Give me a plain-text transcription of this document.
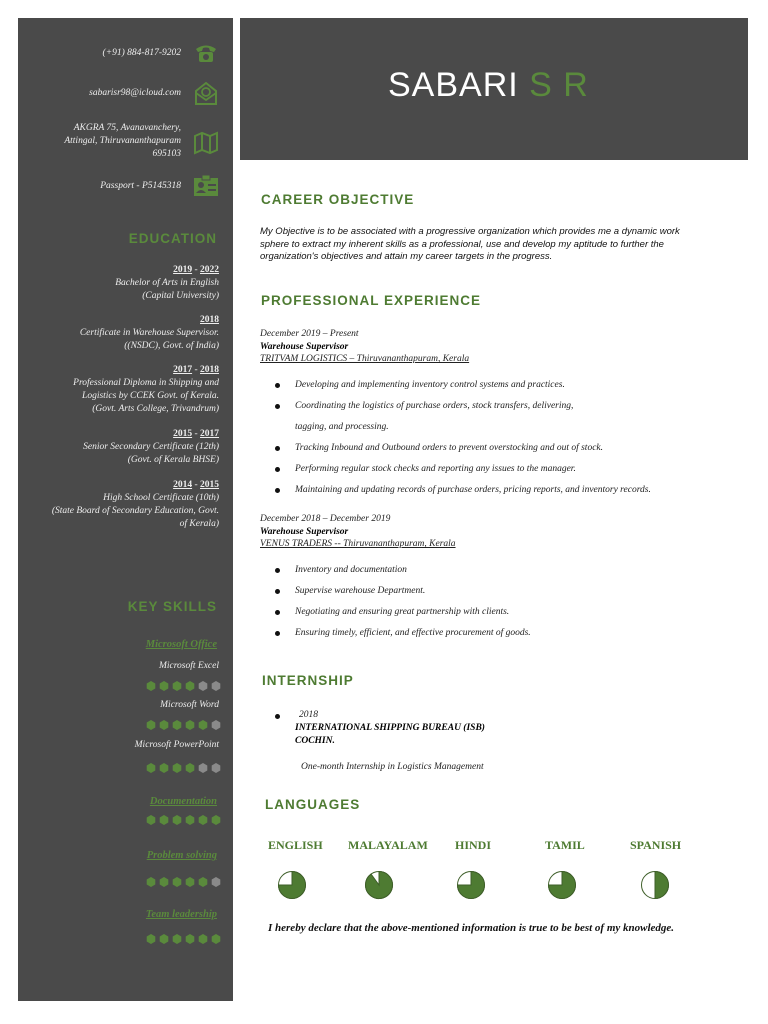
(+91) 884-817-9202
sabarisr98@icloud.com
AKGRA 75, Avanavanchery,
Attingal, Thiruvananthapuram
695103
Passport - P5145318
EDUCATION
2019 - 2022
Bachelor of Arts in English
(Capital University)
2018
Certificate in Warehouse Supervisor.
((NSDC), Govt. of India)
2017 - 2018
Professional Diploma in Shipping and
Logistics by CCEK Govt. of Kerala.
(Govt. Arts College, Trivandrum)
2015 - 2017
Senior Secondary Certificate (12th)
(Govt. of Kerala BHSE)
2014 - 2015
High School Certificate (10th)
(State Board of Secondary Education, Govt.
of Kerala)
KEY SKILLS
Microsoft Office
Microsoft Excel
Microsoft Word
Microsoft PowerPoint
Documentation
Problem solving
Team leadership
SABARI S R
CAREER OBJECTIVE
My Objective is to be associated with a progressive organization which provides me a dynamic work sphere to extract my inherent skills as a professional, use and develop my aptitude to further the organization's objectives and attain my career targets in the progress.
PROFESSIONAL EXPERIENCE
December 2019 – Present
Warehouse Supervisor
TRITVAM LOGISTICS – Thiruvananthapuram, Kerala
Developing and implementing inventory control systems and practices.
Coordinating the logistics of purchase orders, stock transfers, delivering,
tagging, and processing.
Tracking Inbound and Outbound orders to prevent overstocking and out of stock.
Performing regular stock checks and reporting any issues to the manager.
Maintaining and updating records of purchase orders, pricing reports, and inventory records.
December 2018 – December 2019
Warehouse Supervisor
VENUS TRADERS -- Thiruvananthapuram, Kerala
Inventory and documentation
Supervise warehouse Department.
Negotiating and ensuring great partnership with clients.
Ensuring timely, efficient, and effective procurement of goods.
INTERNSHIP
2018
INTERNATIONAL SHIPPING BUREAU (ISB)
COCHIN.
One-month Internship in Logistics Management
LANGUAGES
ENGLISH MALAYALAM HINDI	TAMIL	SPANISH
I hereby declare that the above-mentioned information is true to be best of my knowledge.
